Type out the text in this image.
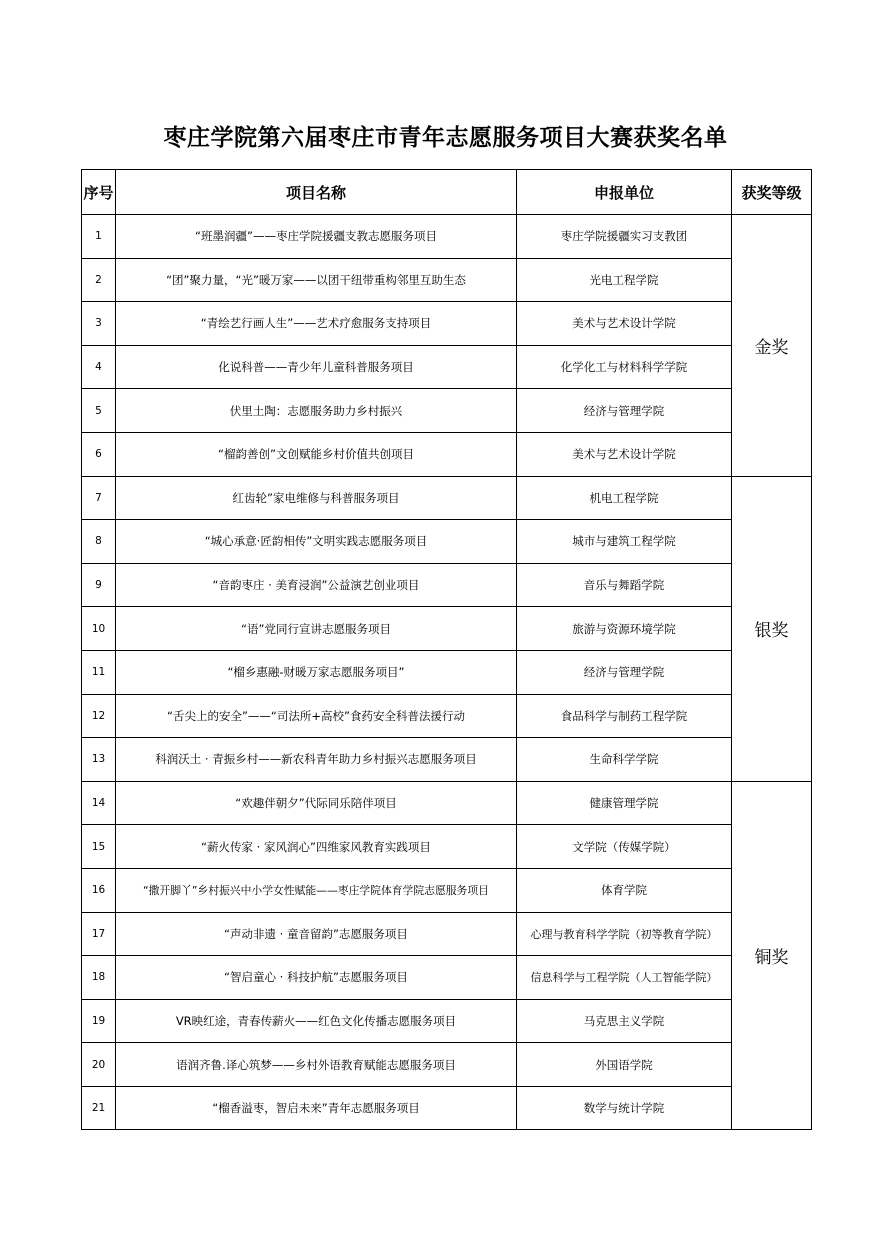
枣庄学院第六届枣庄市青年志愿服务项目大赛获奖名单
序号	项目名称	申报单位	获奖等级
1	“班墨润疆”——枣庄学院援疆支教志愿服务项目	枣庄学院援疆实习支教团	金奖
2	“团”聚力量，“光”暖万家——以团干纽带重构邻里互助生态	光电工程学院	
3	“青绘艺行画人生”——艺术疗愈服务支持项目	美术与艺术设计学院	
4	化说科普——青少年儿童科普服务项目	化学化工与材料科学学院	
5	伏里土陶：志愿服务助力乡村振兴	经济与管理学院	
6	“榴韵善创”文创赋能乡村价值共创项目	美术与艺术设计学院	
7	红齿轮”家电维修与科普服务项目	机电工程学院	银奖
8	“城心承意·匠韵相传”文明实践志愿服务项目	城市与建筑工程学院	
9	“音韵枣庄 · 美育浸润”公益演艺创业项目	音乐与舞蹈学院	
10	“语”党同行宣讲志愿服务项目	旅游与资源环境学院	
11	“榴乡惠融-财暖万家志愿服务项目”	经济与管理学院	
12	“舌尖上的安全”——“司法所+高校”食药安全科普法援行动	食品科学与制药工程学院	
13	科润沃土 · 青振乡村——新农科青年助力乡村振兴志愿服务项目	生命科学学院	
14	“欢趣伴朝夕”代际同乐陪伴项目	健康管理学院	铜奖
15	“薪火传家 · 家风润心”四维家风教育实践项目	文学院（传媒学院）	
16	“撒开脚丫”乡村振兴中小学女性赋能——枣庄学院体育学院志愿服务项目	体育学院	
17	“声动非遗 · 童音留韵”志愿服务项目	心理与教育科学学院（初等教育学院）	
18	“智启童心 · 科技护航”志愿服务项目	信息科学与工程学院（人工智能学院）	
19	VR映红途，青春传薪火——红色文化传播志愿服务项目	马克思主义学院	
20	语润齐鲁.译心筑梦——乡村外语教育赋能志愿服务项目	外国语学院	
21	“榴香溢枣，智启未来”青年志愿服务项目	数学与统计学院	
